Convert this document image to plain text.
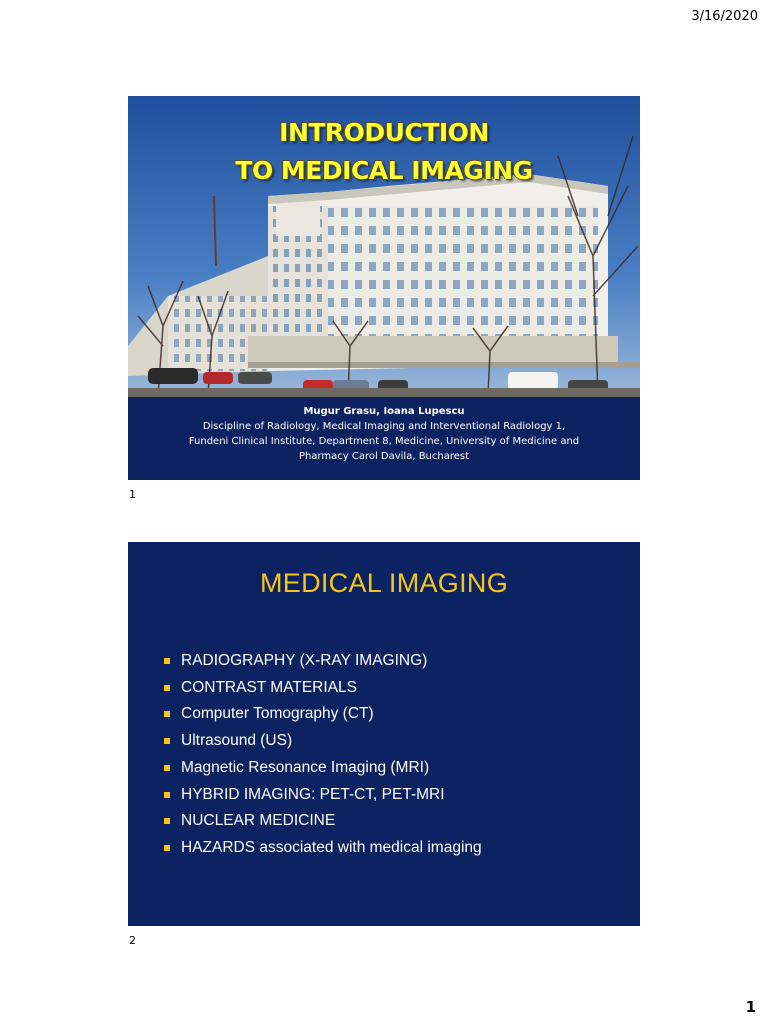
3/16/2020
INTRODUCTION
TO MEDICAL IMAGING
Mugur Grasu, Ioana Lupescu
Discipline of Radiology, Medical Imaging and Interventional Radiology 1,
Fundeni Clinical Institute, Department 8, Medicine, University of Medicine and
Pharmacy Carol Davila, Bucharest
1
MEDICAL IMAGING
RADIOGRAPHY (X-RAY IMAGING)
CONTRAST MATERIALS
Computer Tomography (CT)
Ultrasound (US)
Magnetic Resonance Imaging (MRI)
HYBRID IMAGING: PET-CT, PET-MRI
NUCLEAR MEDICINE
HAZARDS associated with medical imaging
2
1
